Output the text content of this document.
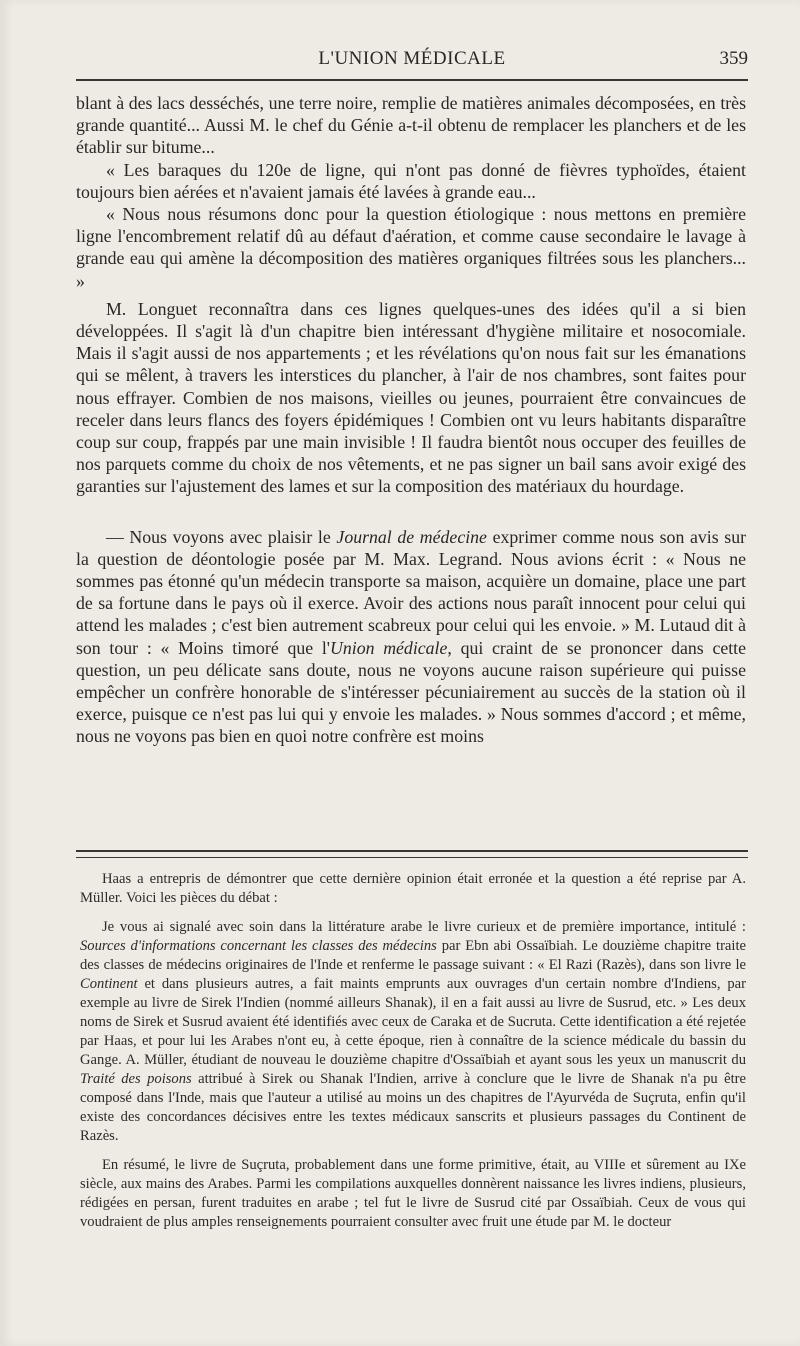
L'UNION MÉDICALE	359

blant à des lacs desséchés, une terre noire, remplie de matières animales décomposées, en très grande quantité... Aussi M. le chef du Génie a-t-il obtenu de remplacer les planchers et de les établir sur bitume...

« Les baraques du 120e de ligne, qui n'ont pas donné de fièvres typhoïdes, étaient toujours bien aérées et n'avaient jamais été lavées à grande eau...

« Nous nous résumons donc pour la question étiologique : nous mettons en première ligne l'encombrement relatif dû au défaut d'aération, et comme cause secondaire le lavage à grande eau qui amène la décomposition des matières organiques filtrées sous les planchers... »

M. Longuet reconnaîtra dans ces lignes quelques-unes des idées qu'il a si bien développées. Il s'agit là d'un chapitre bien intéressant d'hygiène militaire et nosocomiale. Mais il s'agit aussi de nos appartements ; et les révélations qu'on nous fait sur les émanations qui se mêlent, à travers les interstices du plancher, à l'air de nos chambres, sont faites pour nous effrayer. Combien de nos maisons, vieilles ou jeunes, pourraient être convaincues de receler dans leurs flancs des foyers épidémiques ! Combien ont vu leurs habitants disparaître coup sur coup, frappés par une main invisible ! Il faudra bientôt nous occuper des feuilles de nos parquets comme du choix de nos vêtements, et ne pas signer un bail sans avoir exigé des garanties sur l'ajustement des lames et sur la composition des matériaux du hourdage.

— Nous voyons avec plaisir le Journal de médecine exprimer comme nous son avis sur la question de déontologie posée par M. Max. Legrand. Nous avions écrit : « Nous ne sommes pas étonné qu'un médecin transporte sa maison, acquière un domaine, place une part de sa fortune dans le pays où il exerce. Avoir des actions nous paraît innocent pour celui qui attend les malades ; c'est bien autrement scabreux pour celui qui les envoie. » M. Lutaud dit à son tour : « Moins timoré que l'Union médicale, qui craint de se prononcer dans cette question, un peu délicate sans doute, nous ne voyons aucune raison supérieure qui puisse empêcher un confrère honorable de s'intéresser pécuniairement au succès de la station où il exerce, puisque ce n'est pas lui qui y envoie les malades. » Nous sommes d'accord ; et même, nous ne voyons pas bien en quoi notre confrère est moins

Haas a entrepris de démontrer que cette dernière opinion était erronée et la question a été reprise par A. Müller. Voici les pièces du débat :

Je vous ai signalé avec soin dans la littérature arabe le livre curieux et de première importance, intitulé : Sources d'informations concernant les classes des médecins par Ebn abi Ossaïbiah. Le douzième chapitre traite des classes de médecins originaires de l'Inde et renferme le passage suivant : « El Razi (Razès), dans son livre le Continent et dans plusieurs autres, a fait maints emprunts aux ouvrages d'un certain nombre d'Indiens, par exemple au livre de Sirek l'Indien (nommé ailleurs Shanak), il en a fait aussi au livre de Susrud, etc. » Les deux noms de Sirek et Susrud avaient été identifiés avec ceux de Caraka et de Sucruta. Cette identification a été rejetée par Haas, et pour lui les Arabes n'ont eu, à cette époque, rien à connaître de la science médicale du bassin du Gange. A. Müller, étudiant de nouveau le douzième chapitre d'Ossaïbiah et ayant sous les yeux un manuscrit du Traité des poisons attribué à Sirek ou Shanak l'Indien, arrive à conclure que le livre de Shanak n'a pu être composé dans l'Inde, mais que l'auteur a utilisé au moins un des chapitres de l'Ayurvéda de Suçruta, enfin qu'il existe des concordances décisives entre les textes médicaux sanscrits et plusieurs passages du Continent de Razès.

En résumé, le livre de Suçruta, probablement dans une forme primitive, était, au VIIIe et sûrement au IXe siècle, aux mains des Arabes. Parmi les compilations auxquelles donnèrent naissance les livres indiens, plusieurs, rédigées en persan, furent traduites en arabe ; tel fut le livre de Susrud cité par Ossaïbiah. Ceux de vous qui voudraient de plus amples renseignements pourraient consulter avec fruit une étude par M. le docteur
